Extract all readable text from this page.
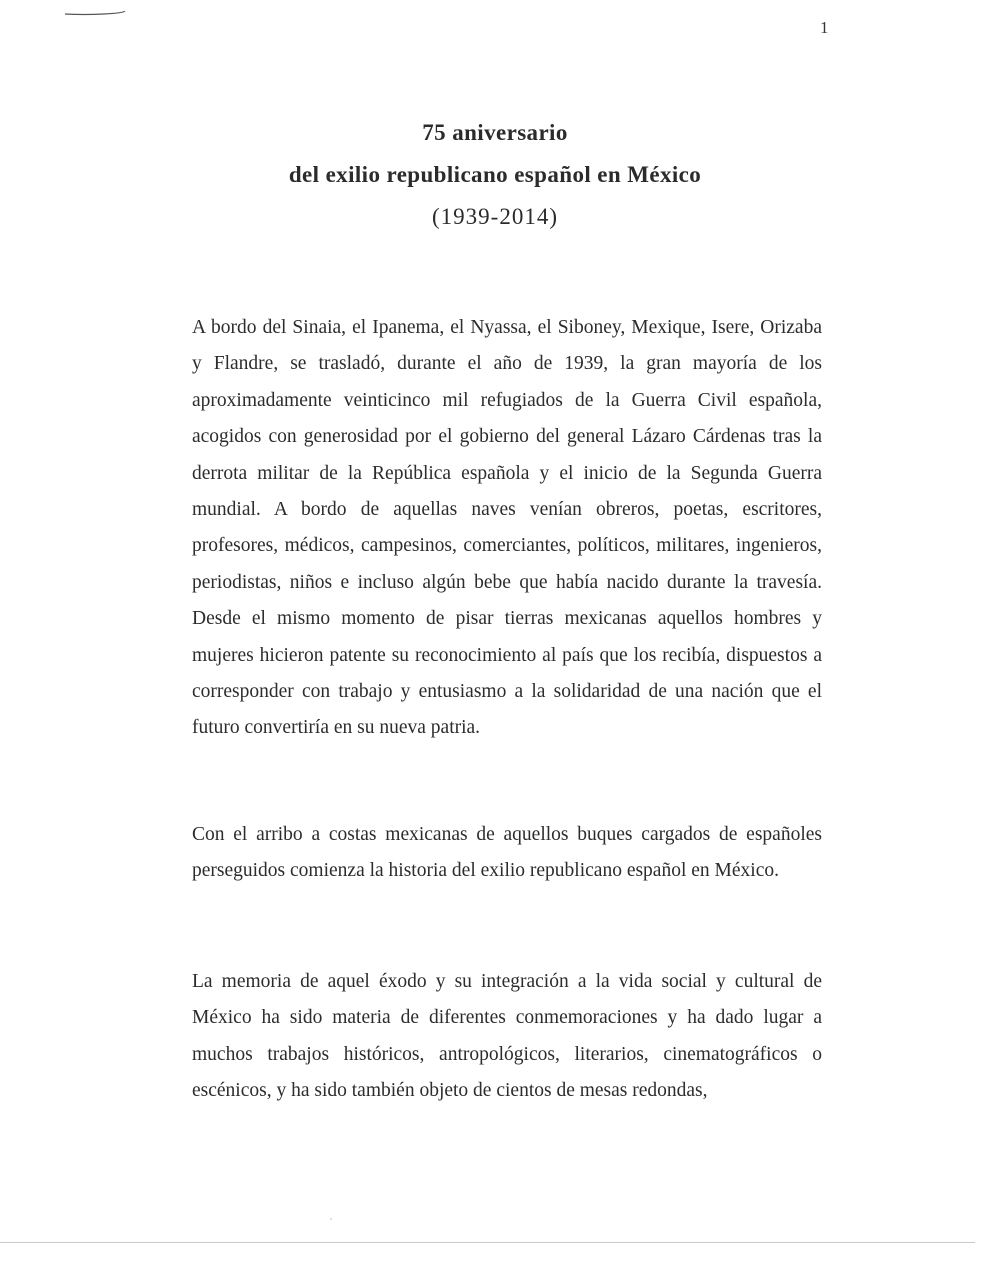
1
75 aniversario
del exilio republicano español en México
(1939-2014)

A bordo del Sinaia, el Ipanema, el Nyassa, el Siboney, Mexique, Isere, Orizaba y Flandre, se trasladó, durante el año de 1939, la gran mayoría de los aproximadamente veinticinco mil refugiados de la Guerra Civil española, acogidos con generosidad por el gobierno del general Lázaro Cárdenas tras la derrota militar de la República española y el inicio de la Segunda Guerra mundial. A bordo de aquellas naves venían obreros, poetas, escritores, profesores, médicos, campesinos, comerciantes, políticos, militares, ingenieros, periodistas, niños e incluso algún bebe que había nacido durante la travesía. Desde el mismo momento de pisar tierras mexicanas aquellos hombres y mujeres hicieron patente su reconocimiento al país que los recibía, dispuestos a corresponder con trabajo y entusiasmo a la solidaridad de una nación que el futuro convertiría en su nueva patria.

Con el arribo a costas mexicanas de aquellos buques cargados de españoles perseguidos comienza la historia del exilio republicano español en México.

La memoria de aquel éxodo y su integración a la vida social y cultural de México ha sido materia de diferentes conmemoraciones y ha dado lugar a muchos trabajos históricos, antropológicos, literarios, cinematográficos o escénicos, y ha sido también objeto de cientos de mesas redondas,
